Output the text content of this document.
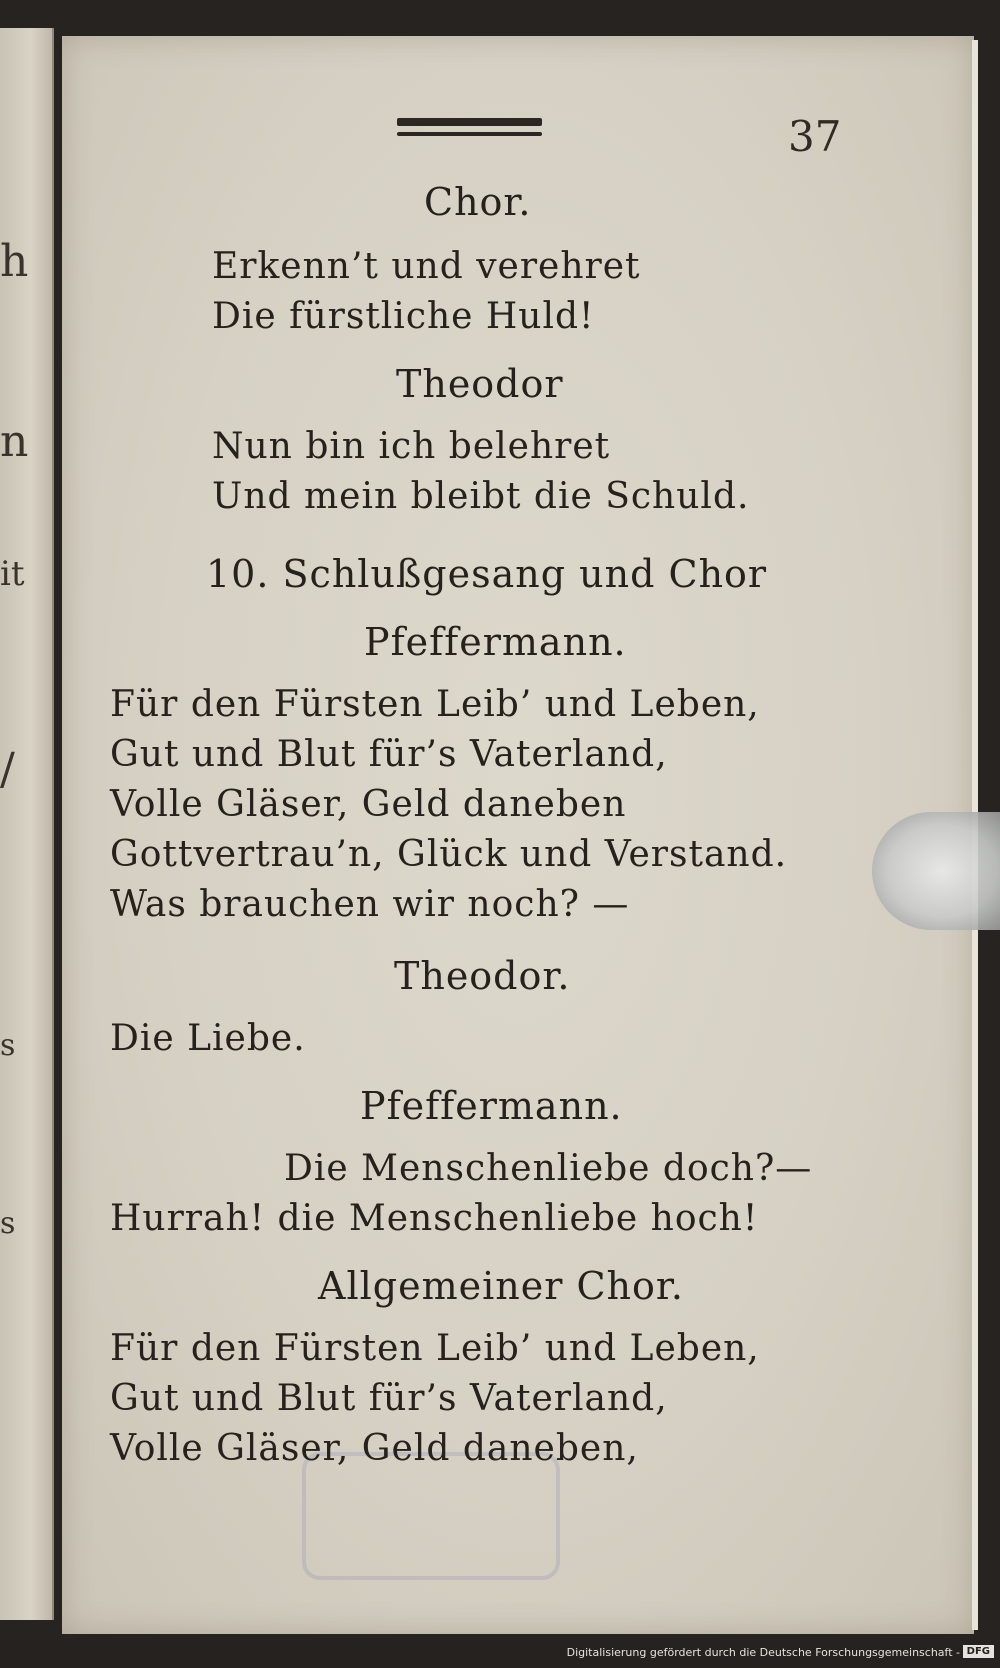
h
n
it
/
s
s
37
Chor.
Erkenn’t und verehret
Die fürstliche Huld!
Theodor
Nun bin ich belehret
Und mein bleibt die Schuld.
10. Schlußgesang und Chor
Pfeffermann.
Für den Fürsten Leib’ und Leben,
Gut und Blut für’s Vaterland,
Volle Gläser, Geld daneben
Gottvertrau’n, Glück und Verstand.
Was brauchen wir noch? —
Theodor.
Die Liebe.
Pfeffermann.
Die Menschenliebe doch?—
Hurrah! die Menschenliebe hoch!
Allgemeiner Chor.
Für den Fürsten Leib’ und Leben,
Gut und Blut für’s Vaterland,
Volle Gläser, Geld daneben,
Digitalisierung gefördert durch die Deutsche Forschungsgemeinschaft - DFG
